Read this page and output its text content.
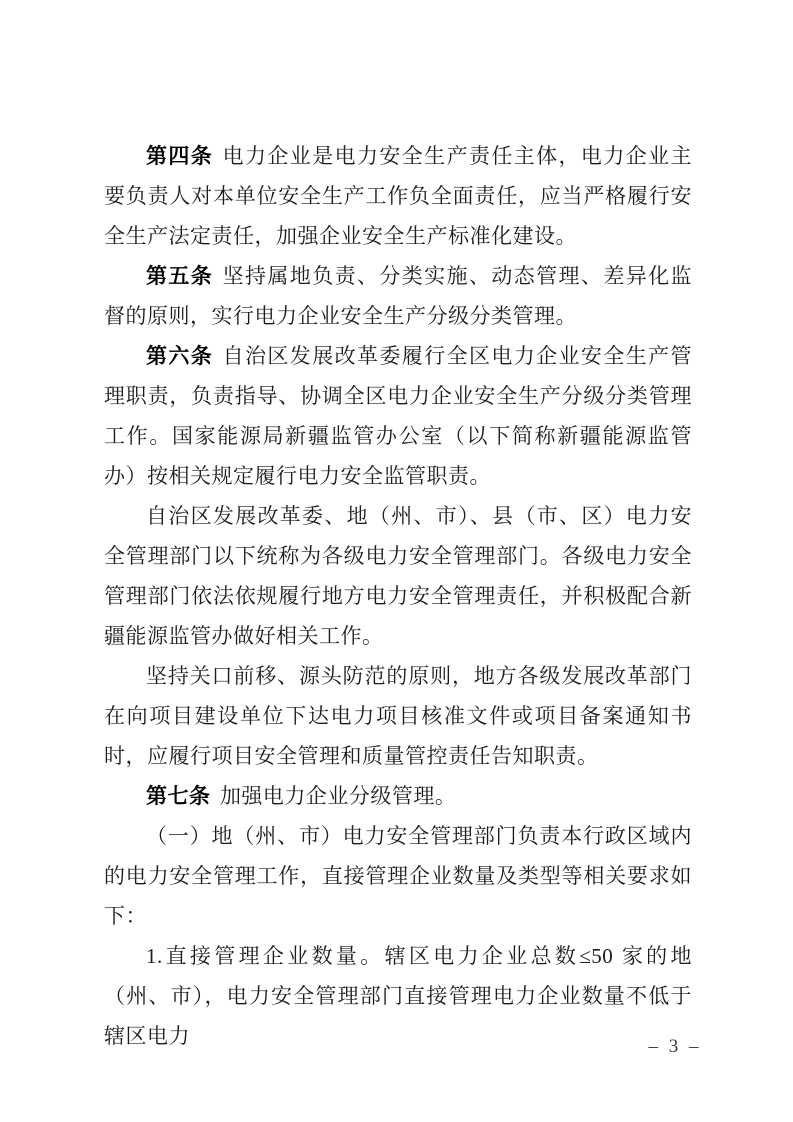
第四条 电力企业是电力安全生产责任主体，电力企业主要负责人对本单位安全生产工作负全面责任，应当严格履行安全生产法定责任，加强企业安全生产标准化建设。

第五条 坚持属地负责、分类实施、动态管理、差异化监督的原则，实行电力企业安全生产分级分类管理。

第六条 自治区发展改革委履行全区电力企业安全生产管理职责，负责指导、协调全区电力企业安全生产分级分类管理工作。国家能源局新疆监管办公室（以下简称新疆能源监管办）按相关规定履行电力安全监管职责。

自治区发展改革委、地（州、市）、县（市、区）电力安全管理部门以下统称为各级电力安全管理部门。各级电力安全管理部门依法依规履行地方电力安全管理责任，并积极配合新疆能源监管办做好相关工作。

坚持关口前移、源头防范的原则，地方各级发展改革部门在向项目建设单位下达电力项目核准文件或项目备案通知书时，应履行项目安全管理和质量管控责任告知职责。

第七条 加强电力企业分级管理。

（一）地（州、市）电力安全管理部门负责本行政区域内的电力安全管理工作，直接管理企业数量及类型等相关要求如下：

1.直接管理企业数量。辖区电力企业总数≤50 家的地（州、市），电力安全管理部门直接管理电力企业数量不低于辖区电力	– 3 –
